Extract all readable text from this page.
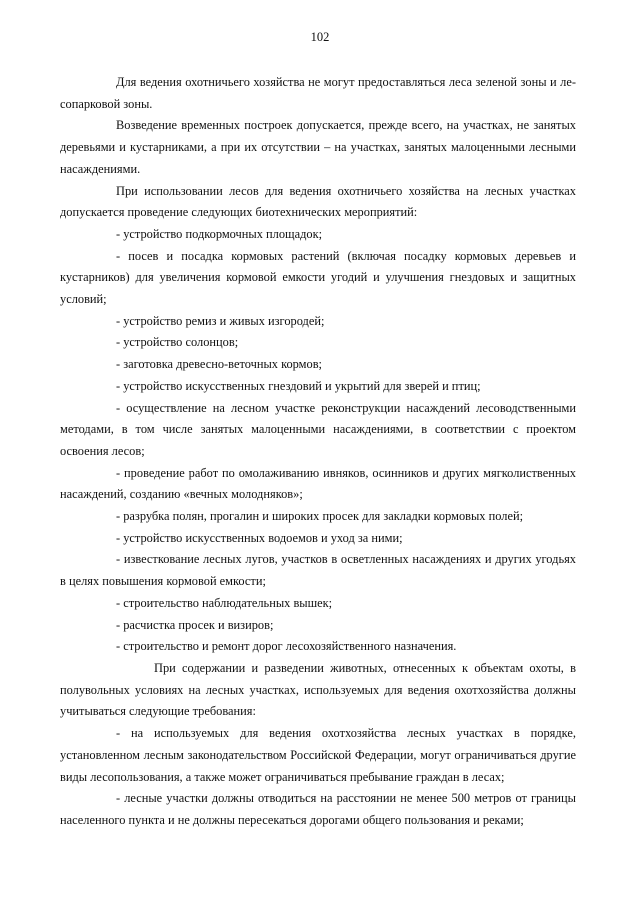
102

Для ведения охотничьего хозяйства не могут предоставляться леса зеленой зоны и лесопарковой зоны.

Возведение временных построек допускается, прежде всего, на участках, не занятых деревьями и кустарниками, а при их отсутствии – на участках, занятых малоценными лесными насаждениями.

При использовании лесов для ведения охотничьего хозяйства на лесных участках допускается проведение следующих биотехнических мероприятий:

- устройство подкормочных площадок;

- посев и посадка кормовых растений (включая посадку кормовых деревьев и кустарников) для увеличения кормовой емкости угодий и улучшения гнездовых и защитных условий;

- устройство ремиз и живых изгородей;

- устройство солонцов;

- заготовка древесно-веточных кормов;

- устройство искусственных гнездовий и укрытий для зверей и птиц;

- осуществление на лесном участке реконструкции насаждений лесоводственными методами, в том числе занятых малоценными насаждениями, в соответствии с проектом освоения лесов;

- проведение работ по омолаживанию ивняков, осинников и других мягколиственных насаждений, созданию «вечных молодняков»;

- разрубка полян, прогалин и широких просек для закладки кормовых полей;

- устройство искусственных водоемов и уход за ними;

- известкование лесных лугов, участков в осветленных насаждениях и других угодьях в целях повышения кормовой емкости;

- строительство наблюдательных вышек;

- расчистка просек и визиров;

- строительство и ремонт дорог лесохозяйственного назначения.

При содержании и разведении животных, отнесенных к объектам охоты, в полувольных условиях на лесных участках, используемых для ведения охотхозяйства должны учитываться следующие требования:

- на используемых для ведения охотхозяйства лесных участках в порядке, установленном лесным законодательством Российской Федерации, могут ограничиваться другие виды лесопользования, а также может ограничиваться пребывание граждан в лесах;

- лесные участки должны отводиться на расстоянии не менее 500 метров от границы населенного пункта и не должны пересекаться дорогами общего пользования и реками;
